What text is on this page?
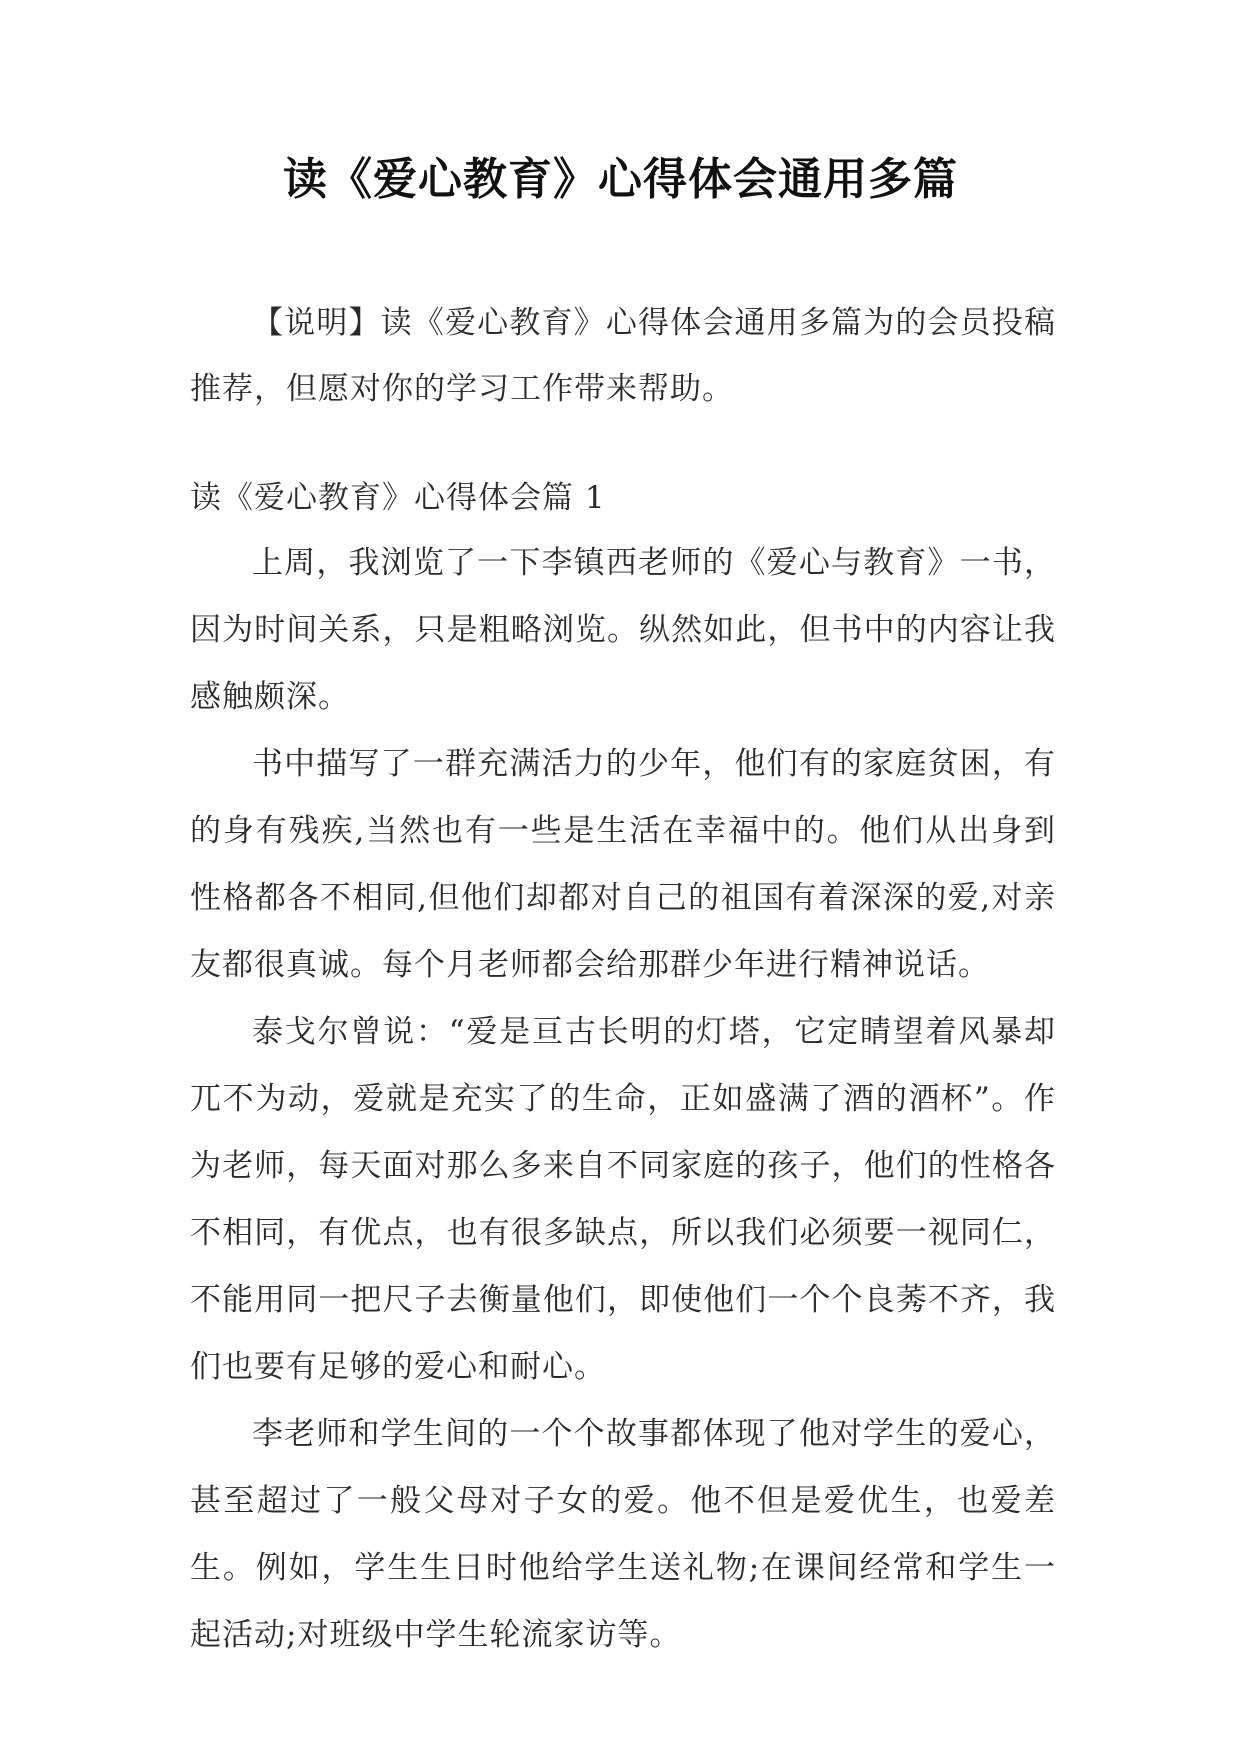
读《爱心教育》心得体会通用多篇

【说明】读《爱心教育》心得体会通用多篇为的会员投稿推荐，但愿对你的学习工作带来帮助。

读《爱心教育》心得体会篇 1

上周，我浏览了一下李镇西老师的《爱心与教育》一书，因为时间关系，只是粗略浏览。纵然如此，但书中的内容让我感触颇深。

书中描写了一群充满活力的少年，他们有的家庭贫困，有的身有残疾,当然也有一些是生活在幸福中的。他们从出身到性格都各不相同,但他们却都对自己的祖国有着深深的爱,对亲友都很真诚。每个月老师都会给那群少年进行精神说话。

泰戈尔曾说：“爱是亘古长明的灯塔，它定睛望着风暴却兀不为动，爱就是充实了的生命，正如盛满了酒的酒杯”。作为老师，每天面对那么多来自不同家庭的孩子，他们的性格各不相同，有优点，也有很多缺点，所以我们必须要一视同仁，不能用同一把尺子去衡量他们，即使他们一个个良莠不齐，我们也要有足够的爱心和耐心。

李老师和学生间的一个个故事都体现了他对学生的爱心，甚至超过了一般父母对子女的爱。他不但是爱优生，也爱差生。例如，学生生日时他给学生送礼物;在课间经常和学生一起活动;对班级中学生轮流家访等。
